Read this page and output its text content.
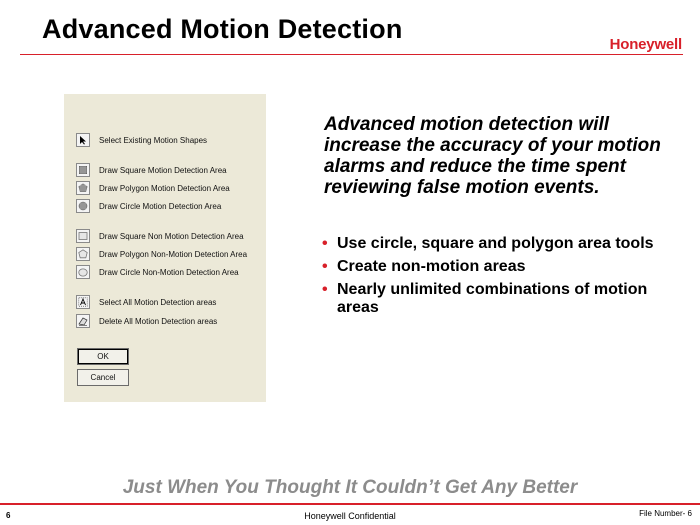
Advanced Motion Detection
Honeywell
Select Existing Motion Shapes
Draw Square Motion Detection Area
Draw Polygon Motion Detection Area
Draw Circle Motion Detection Area
Draw Square Non Motion Detection Area
Draw Polygon Non-Motion Detection Area
Draw Circle Non-Motion Detection Area
Select All Motion Detection areas
Delete All Motion Detection areas
OK
Cancel
Advanced motion detection will increase the accuracy of your motion alarms and reduce the time spent reviewing false motion events.
• Use circle, square and polygon area tools
• Create non-motion areas
• Nearly unlimited combinations of motion areas
Just When You Thought It Couldn’t Get Any Better
6	Honeywell Confidential	File Number- 6
